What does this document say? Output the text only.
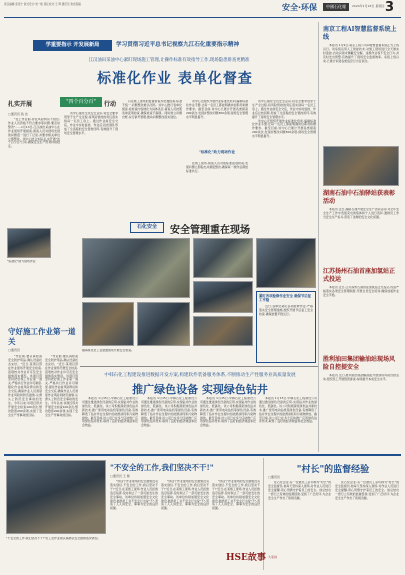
责任编辑:张延宁 版式设计:刘一航 责任校对:王 辉 通讯员 欢迎投稿	安全·环保	中國石化報	2024年1月18日 星期四 3
学重要指示 开发展新局	学习贯彻习近平总书记视察九江石化重要指示精神
江汉油田采油中心紧盯现场施工管理,让操作标准有效指导工作,现场隐患排查更精准
标准化作业 表单化督查
扎实开展	"四个百分百"	行动
□通讯员 钱 洁

"在上作业前,存在风险辨识不到位,作业人员资格不符合要求等问题,要及时整改"……1月13日,江汉油田采油中心在作业现场开展督查,督查人员对现场发现的问题逐一进行了记录,并要求相关单位立即整改。该中心结合实际,扎实开展"四个百分百"行动,确保安全生产形势持续稳定。

该中心强化全员安全意识,将安全要求贯穿于生产全过程,将风险管控的责任落实到每一名员工身上。通过作业前安全交底、作业中实时监控、作业后总结回顾,形成了全流程的安全管控闭环,有效提升了现场安全管理水平。

以往施工现场的监督检查多依靠经验,标准不统一,问题整改难以闭环。该中心推行表单化督查,将检查内容细化为具体条目,督查人员按照表单逐项检查,确保检查不漏项。同时建立问题台账,实行销号管理,推动问题整改落实到位。

该中心还组织开展作业标准化培训,编制标准化作业手册,让每一名员工都能明确岗位职责和操作要求。截至目前,该中心已累计开展各类督查200余次,发现并整改问题300余项,现场安全管理水平明显提升。

"标准化"助力现场作业

在施工现场,督查人员对照标准逐项检查,发现问题立即指出并督促整改,确保每一项作业都按标准执行。

该中心强化全员安全意识,将安全要求贯穿于生产全过程,将风险管控的责任落实到每一名员工身上。通过作业前安全交底、作业中实时监控、作业后总结回顾,形成了全流程的安全管控闭环,有效提升了现场安全管理水平。

该中心还组织开展作业标准化培训,编制标准化作业手册,让每一名员工都能明确岗位职责和操作要求。截至目前,该中心已累计开展各类督查200余次,发现并整改问题300余项,现场安全管理水平明显提升。

"标准化"助力现场作业
守好施工作业第一道关
□通讯员

"作业前,要认真检查安全防护用品,确认设备状态完好。"近日,某项目部在作业现场开展安全检查,逐项核对作业许可及安全措施落实情况。该项目部坚持把好施工作业第一道关,严格执行作业许可制度,强化作业前风险辨识和安全交底,确保作业人员清楚作业风险和防范措施,从源头上防范安全事故的发生。今年以来,该项目部共开展安全检查100余次,整改隐患200余项,实现了安全生产零事故的目标。

"作业前,要认真检查安全防护用品,确认设备状态完好。"近日,某项目部在作业现场开展安全检查,逐项核对作业许可及安全措施落实情况。该项目部坚持把好施工作业第一道关,严格执行作业许可制度,强化作业前风险辨识和安全交底,确保作业人员清楚作业风险和防范措施,从源头上防范安全事故的发生。今年以来,该项目部共开展安全检查100余次,整改隐患200余项,实现了安全生产零事故的目标。

石化安全	安全管理重在现场
紧盯各项检修作业安全 确保节后复工平稳

近日,各单位紧盯各项检修作业,严格落实安全管理措施,组织开展节后复工安全检查,确保装置平稳运行。

镇海炼化员工在装置现场开展安全检查。
中韩石化工程建设推进数据开发方案,构建软件装备服务体系,不断推动生产性服务业高质量发展
推广绿色设备 实现绿色钻井

本报讯 1月15日,中韩石化工程建设公司通过推进绿色设备的应用,实现钻井作业的绿色化、低碳化。该公司积极探索绿色钻井新技术,推广使用电动钻机等绿色设备,有效降低了钻井作业过程中的能源消耗和污染物排放。截至目前,该公司已在多个区块推广应用绿色钻井技术,取得了良好的经济效益和社会效益。

本报讯 1月15日,中韩石化工程建设公司通过推进绿色设备的应用,实现钻井作业的绿色化、低碳化。该公司积极探索绿色钻井新技术,推广使用电动钻机等绿色设备,有效降低了钻井作业过程中的能源消耗和污染物排放。截至目前,该公司已在多个区块推广应用绿色钻井技术,取得了良好的经济效益和社会效益。

本报讯 1月15日,中韩石化工程建设公司通过推进绿色设备的应用,实现钻井作业的绿色化、低碳化。该公司积极探索绿色钻井新技术,推广使用电动钻机等绿色设备,有效降低了钻井作业过程中的能源消耗和污染物排放。截至目前,该公司已在多个区块推广应用绿色钻井技术,取得了良好的经济效益和社会效益。

本报讯 1月15日,中韩石化工程建设公司通过推进绿色设备的应用,实现钻井作业的绿色化、低碳化。该公司积极探索绿色钻井新技术,推广使用电动钻机等绿色设备,有效降低了钻井作业过程中的能源消耗和污染物排放。截至目前,该公司已在多个区块推广应用绿色钻井技术,取得了良好的经济效益和社会效益。

南京工程AI智慧监督系统上线

本报讯 1月9日,南京工程公司AI智慧监督系统正式上线运行。该系统运用人工智能技术,对施工现场进行全天候实时监控,自动识别未佩戴安全帽、违规作业等不安全行为,并及时发出预警,有效提升了现场安全监督效率。系统上线以来,已累计识别各类违章行为百余次。

湖南石油中石油驿站获表彰活动

本报讯 近日,湖南石油开展安全生产表彰活动,对全年安全生产工作中表现突出的集体和个人进行表彰,激励员工争当安全生产标兵,营造了浓厚的安全文化氛围。

江苏扬州石油首座加氢站正式投运

本报讯 近日,江苏扬州石油首座加氢站正式投运,该站严格落实各项安全管理制度,开展全员安全培训,确保加氢作业安全平稳。

胜利油田集团输油站现场风险自控提安全

本报讯 近日,胜利油田集团输油站开展现场风险自控活动,组织员工开展隐患排查,持续提升本质安全水平。

"不安全的工作,我们坚决不干!"
□通讯员 王 健

"你这个作业现场的安全措施没有落实到位,不安全的工作,我们坚决不干!"近日,在某施工现场,作业人员拒绝违章指挥,及时制止了一起可能发生的安全事故。该单位持续加强安全文化建设,鼓励员工对不安全行为说"不",营造了人人讲安全、事事为安全的良好氛围。

"你这个作业现场的安全措施没有落实到位,不安全的工作,我们坚决不干!"近日,在某施工现场,作业人员拒绝违章指挥,及时制止了一起可能发生的安全事故。该单位持续加强安全文化建设,鼓励员工对不安全行为说"不",营造了人人讲安全、事事为安全的良好氛围。

"你这个作业现场的安全措施没有落实到位,不安全的工作,我们坚决不干!"近日,在某施工现场,作业人员拒绝违章指挥,及时制止了一起可能发生的安全事故。该单位持续加强安全文化建设,鼓励员工对不安全行为说"不",营造了人人讲安全、事事为安全的良好氛围。

"不安全的工作,我们坚决不干!"员工在作业前认真确认安全措施落实情况。
"村长"的监督经验
□通讯员

在石化企业,有一位被员工亲切称为"村长"的安全监督员,他每天坚持深入现场,对作业人员进行安全提醒,用心用情守护着员工的安全。他总结出一套行之有效的监督经验,受到了广泛好评,为企业安全生产作出了积极贡献。

在石化企业,有一位被员工亲切称为"村长"的安全监督员,他每天坚持深入现场,对作业人员进行安全提醒,用心用情守护着员工的安全。他总结出一套行之有效的监督经验,受到了广泛好评,为企业安全生产作出了积极贡献。

HSE故事 大家讲
